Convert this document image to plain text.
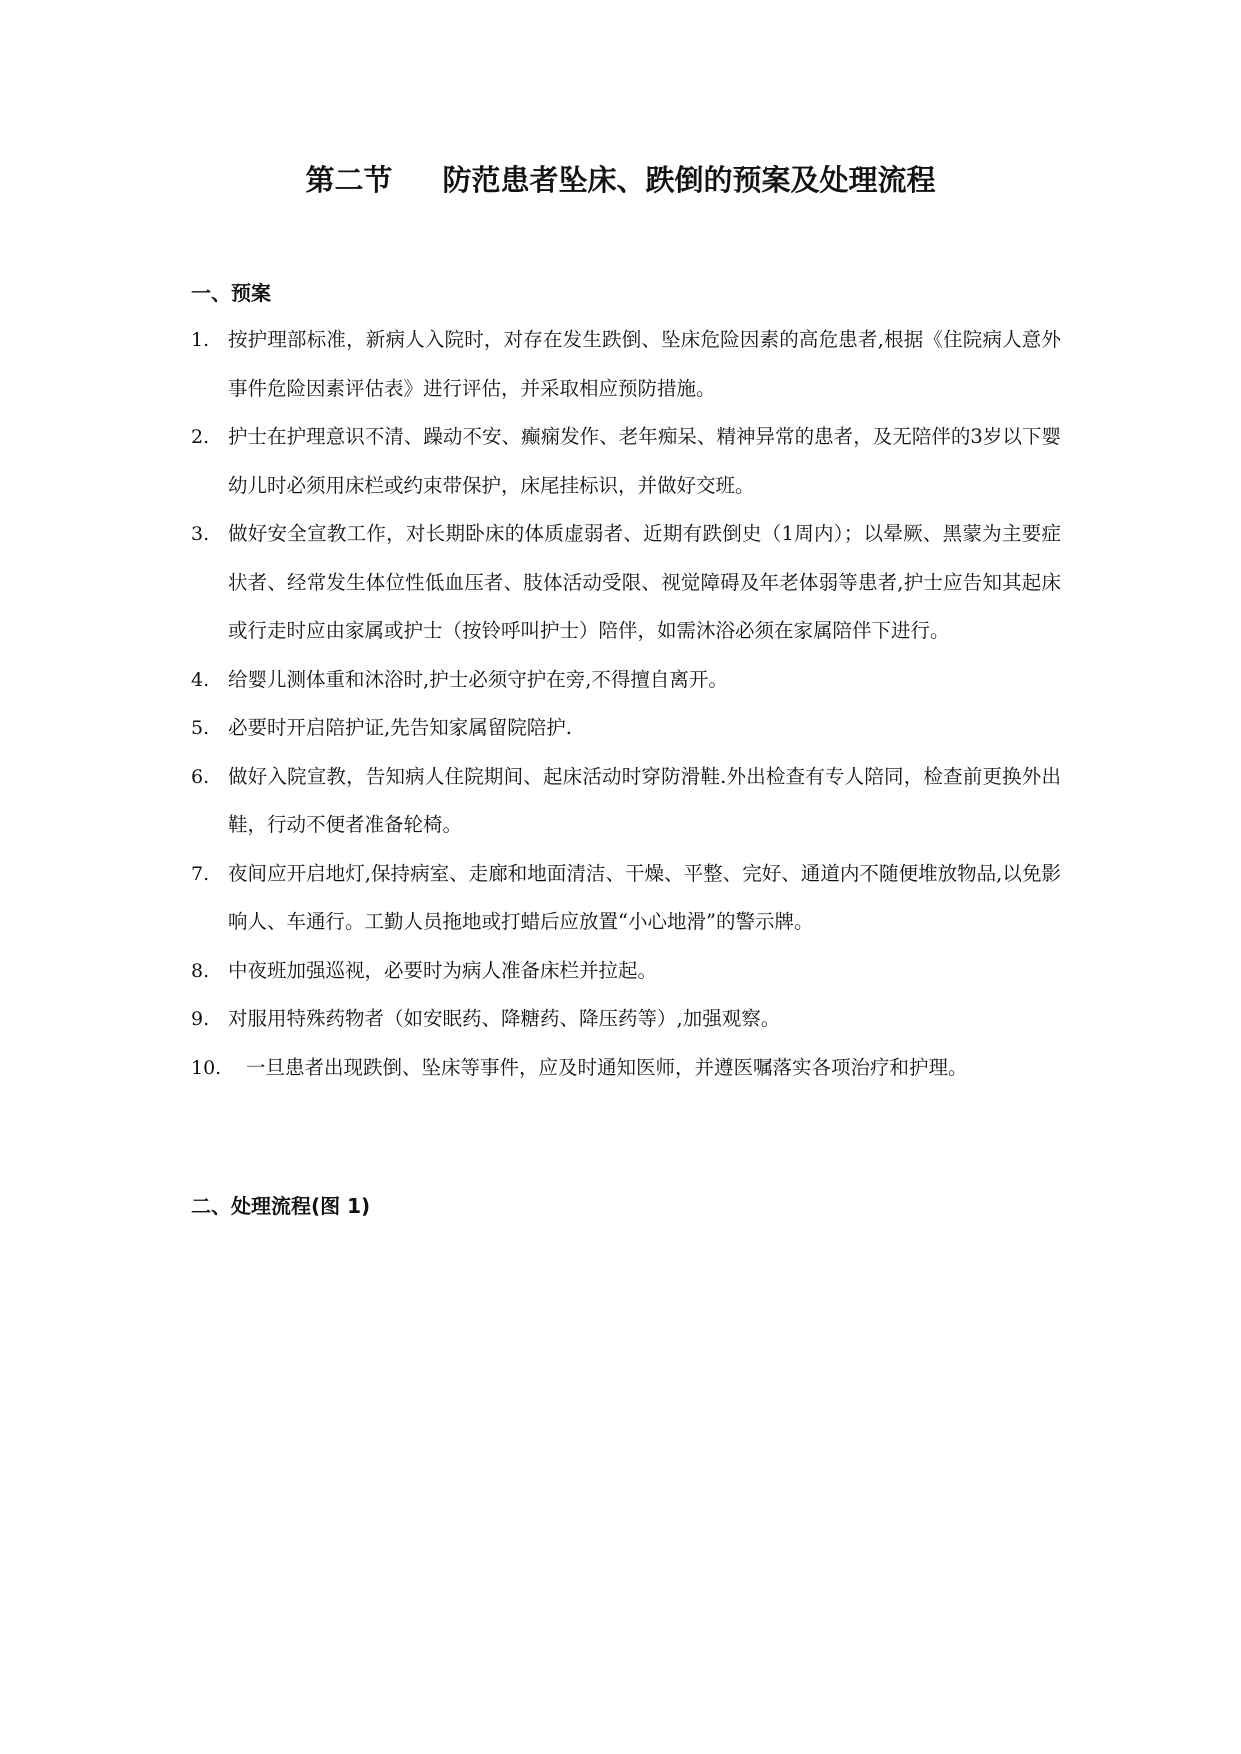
第二节 防范患者坠床、跌倒的预案及处理流程
一、预案
1. 按护理部标准，新病人入院时，对存在发生跌倒、坠床危险因素的高危患者,根据《住院病人意外事件危险因素评估表》进行评估，并采取相应预防措施。
2. 护士在护理意识不清、躁动不安、癫痫发作、老年痴呆、精神异常的患者，及无陪伴的3岁以下婴幼儿时必须用床栏或约束带保护，床尾挂标识，并做好交班。
3. 做好安全宣教工作，对长期卧床的体质虚弱者、近期有跌倒史（1周内）；以晕厥、黑蒙为主要症状者、经常发生体位性低血压者、肢体活动受限、视觉障碍及年老体弱等患者,护士应告知其起床或行走时应由家属或护士（按铃呼叫护士）陪伴，如需沐浴必须在家属陪伴下进行。
4. 给婴儿测体重和沐浴时,护士必须守护在旁,不得擅自离开。
5. 必要时开启陪护证,先告知家属留院陪护.
6. 做好入院宣教，告知病人住院期间、起床活动时穿防滑鞋.外出检查有专人陪同，检查前更换外出鞋，行动不便者准备轮椅。
7. 夜间应开启地灯,保持病室、走廊和地面清洁、干燥、平整、完好、通道内不随便堆放物品,以免影响人、车通行。工勤人员拖地或打蜡后应放置“小心地滑”的警示牌。
8. 中夜班加强巡视，必要时为病人准备床栏并拉起。
9. 对服用特殊药物者（如安眠药、降糖药、降压药等）,加强观察。
10.	一旦患者出现跌倒、坠床等事件，应及时通知医师，并遵医嘱落实各项治疗和护理。
二、处理流程(图 1)
